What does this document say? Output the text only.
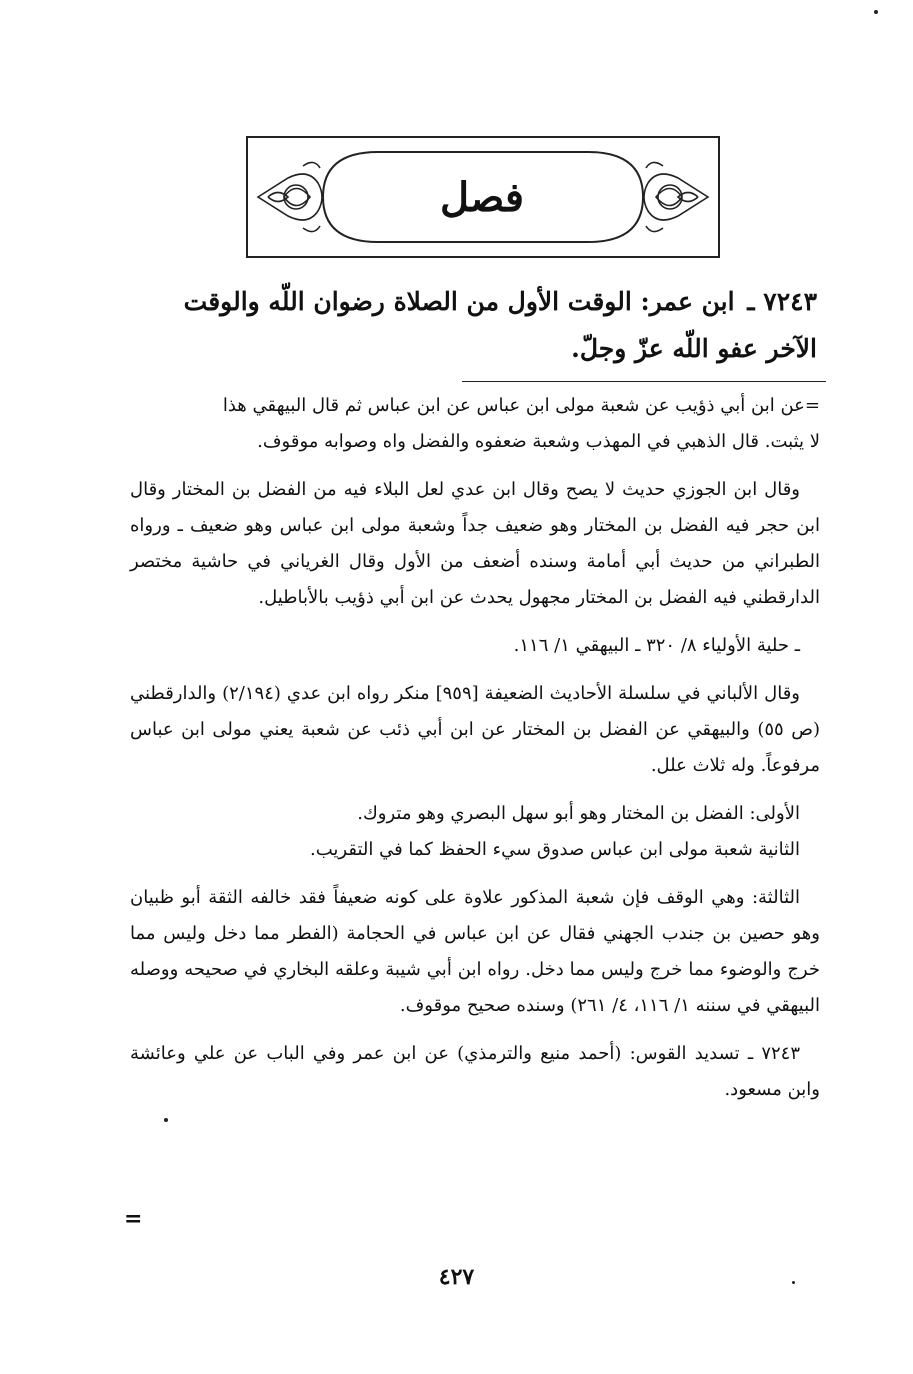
فصل
٧٢٤٣ ـ ابن عمر: الوقت الأول من الصلاة رضوان اللّه والوقت الآخر عفو اللّه عزّ وجلّ.

=عن ابن أبي ذؤيب عن شعبة مولى ابن عباس عن ابن عباس ثم قال البيهقي هذا

لا يثبت. قال الذهبي في المهذب وشعبة ضعفوه والفضل واه وصوابه موقوف.

وقال ابن الجوزي حديث لا يصح وقال ابن عدي لعل البلاء فيه من الفضل بن المختار وقال ابن حجر فيه الفضل بن المختار وهو ضعيف جداً وشعبة مولى ابن عباس وهو ضعيف ـ ورواه الطبراني من حديث أبي أمامة وسنده أضعف من الأول وقال الغرياني في حاشية مختصر الدارقطني فيه الفضل بن المختار مجهول يحدث عن ابن أبي ذؤيب بالأباطيل.

ـ حلية الأولياء ٨/ ٣٢٠ ـ البيهقي ١/ ١١٦.

وقال الألباني في سلسلة الأحاديث الضعيفة [٩٥٩] منكر رواه ابن عدي (٢/١٩٤) والدارقطني (ص ٥٥) والبيهقي عن الفضل بن المختار عن ابن أبي ذئب عن شعبة يعني مولى ابن عباس مرفوعاً. وله ثلاث علل.

الأولى: الفضل بن المختار وهو أبو سهل البصري وهو متروك.

الثانية شعبة مولى ابن عباس صدوق سيء الحفظ كما في التقريب.

الثالثة: وهي الوقف فإن شعبة المذكور علاوة على كونه ضعيفاً فقد خالفه الثقة أبو ظبيان وهو حصين بن جندب الجهني فقال عن ابن عباس في الحجامة (الفطر مما دخل وليس مما خرج والوضوء مما خرج وليس مما دخل. رواه ابن أبي شيبة وعلقه البخاري في صحيحه ووصله البيهقي في سننه ١/ ١١٦، ٤/ ٢٦١) وسنده صحيح موقوف.

٧٢٤٣ ـ تسديد القوس: (أحمد منيع والترمذي) عن ابن عمر وفي الباب عن علي وعائشة وابن مسعود.

=
٤٢٧
